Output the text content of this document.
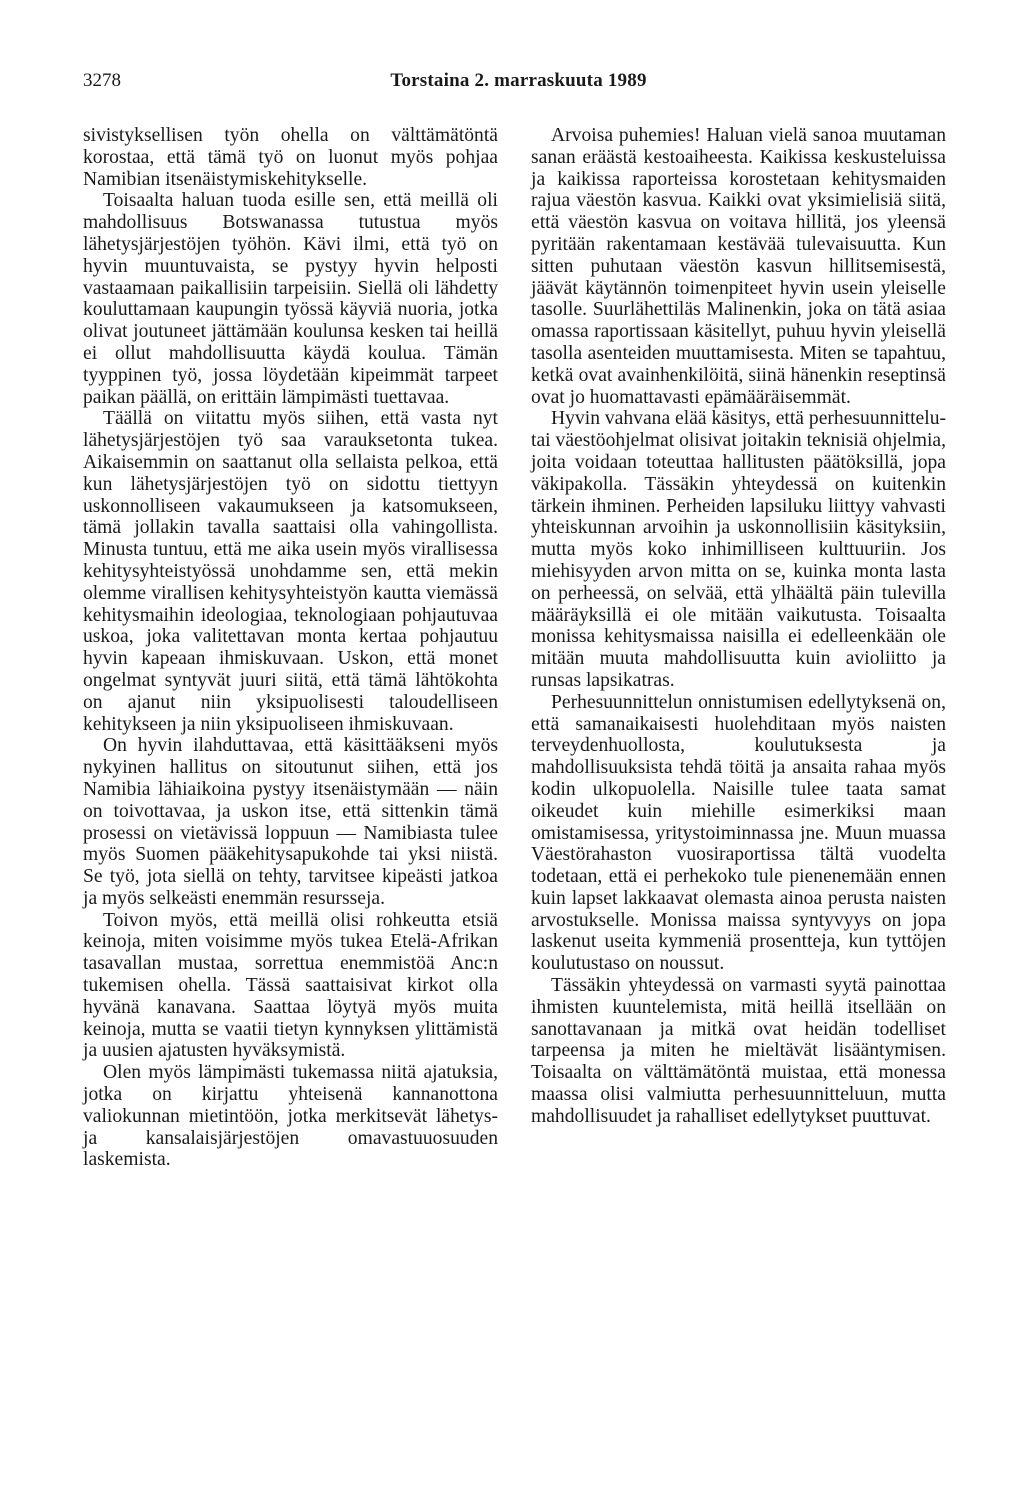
3278	Torstaina 2. marraskuuta 1989

sivistyksellisen työn ohella on välttämätöntä korostaa, että tämä työ on luonut myös pohjaa Namibian itsenäistymiskehitykselle.

Toisaalta haluan tuoda esille sen, että meillä oli mahdollisuus Botswanassa tutustua myös lähetysjärjestöjen työhön. Kävi ilmi, että työ on hyvin muuntuvaista, se pystyy hyvin helposti vastaamaan paikallisiin tarpeisiin. Siellä oli lähdetty kouluttamaan kaupungin työssä käyviä nuoria, jotka olivat joutuneet jättämään koulunsa kesken tai heillä ei ollut mahdollisuutta käydä koulua. Tämän tyyppinen työ, jossa löydetään kipeimmät tarpeet paikan päällä, on erittäin lämpimästi tuettavaa.

Täällä on viitattu myös siihen, että vasta nyt lähetysjärjestöjen työ saa varauksetonta tukea. Aikaisemmin on saattanut olla sellaista pelkoa, että kun lähetysjärjestöjen työ on sidottu tiettyyn uskonnolliseen vakaumukseen ja katsomukseen, tämä jollakin tavalla saattaisi olla vahingollista. Minusta tuntuu, että me aika usein myös virallisessa kehitysyhteistyössä unohdamme sen, että mekin olemme virallisen kehitysyhteistyön kautta viemässä kehitysmaihin ideologiaa, teknologiaan pohjautuvaa uskoa, joka valitettavan monta kertaa pohjautuu hyvin kapeaan ihmiskuvaan. Uskon, että monet ongelmat syntyvät juuri siitä, että tämä lähtökohta on ajanut niin yksipuolisesti taloudelliseen kehitykseen ja niin yksipuoliseen ihmiskuvaan.

On hyvin ilahduttavaa, että käsittääkseni myös nykyinen hallitus on sitoutunut siihen, että jos Namibia lähiaikoina pystyy itsenäistymään — näin on toivottavaa, ja uskon itse, että sittenkin tämä prosessi on vietävissä loppuun — Namibiasta tulee myös Suomen pääkehitysapukohde tai yksi niistä. Se työ, jota siellä on tehty, tarvitsee kipeästi jatkoa ja myös selkeästi enemmän resursseja.

Toivon myös, että meillä olisi rohkeutta etsiä keinoja, miten voisimme myös tukea Etelä-Afrikan tasavallan mustaa, sorrettua enemmistöä Anc:n tukemisen ohella. Tässä saattaisivat kirkot olla hyvänä kanavana. Saattaa löytyä myös muita keinoja, mutta se vaatii tietyn kynnyksen ylittämistä ja uusien ajatusten hyväksymistä.

Olen myös lämpimästi tukemassa niitä ajatuksia, jotka on kirjattu yhteisenä kannanottona valiokunnan mietintöön, jotka merkitsevät lähetys- ja kansalaisjärjestöjen omavastuuosuuden laskemista.

Arvoisa puhemies! Haluan vielä sanoa muutaman sanan eräästä kestoaiheesta. Kaikissa keskusteluissa ja kaikissa raporteissa korostetaan kehitysmaiden rajua väestön kasvua. Kaikki ovat yksimielisiä siitä, että väestön kasvua on voitava hillitä, jos yleensä pyritään rakentamaan kestävää tulevaisuutta. Kun sitten puhutaan väestön kasvun hillitsemisestä, jäävät käytännön toimenpiteet hyvin usein yleiselle tasolle. Suurlähettiläs Malinenkin, joka on tätä asiaa omassa raportissaan käsitellyt, puhuu hyvin yleisellä tasolla asenteiden muuttamisesta. Miten se tapahtuu, ketkä ovat avainhenkilöitä, siinä hänenkin reseptinsä ovat jo huomattavasti epämääräisemmät.

Hyvin vahvana elää käsitys, että perhesuunnittelu- tai väestöohjelmat olisivat joitakin teknisiä ohjelmia, joita voidaan toteuttaa hallitusten päätöksillä, jopa väkipakolla. Tässäkin yhteydessä on kuitenkin tärkein ihminen. Perheiden lapsiluku liittyy vahvasti yhteiskunnan arvoihin ja uskonnollisiin käsityksiin, mutta myös koko inhimilliseen kulttuuriin. Jos miehisyyden arvon mitta on se, kuinka monta lasta on perheessä, on selvää, että ylhäältä päin tulevilla määräyksillä ei ole mitään vaikutusta. Toisaalta monissa kehitysmaissa naisilla ei edelleenkään ole mitään muuta mahdollisuutta kuin avioliitto ja runsas lapsikatras.

Perhesuunnittelun onnistumisen edellytyksenä on, että samanaikaisesti huolehditaan myös naisten terveydenhuollosta, koulutuksesta ja mahdollisuuksista tehdä töitä ja ansaita rahaa myös kodin ulkopuolella. Naisille tulee taata samat oikeudet kuin miehille esimerkiksi maan omistamisessa, yritystoiminnassa jne. Muun muassa Väestörahaston vuosiraportissa tältä vuodelta todetaan, että ei perhekoko tule pienenemään ennen kuin lapset lakkaavat olemasta ainoa perusta naisten arvostukselle. Monissa maissa syntyvyys on jopa laskenut useita kymmeniä prosentteja, kun tyttöjen koulutustaso on noussut.

Tässäkin yhteydessä on varmasti syytä painottaa ihmisten kuuntelemista, mitä heillä itsellään on sanottavanaan ja mitkä ovat heidän todelliset tarpeensa ja miten he mieltävät lisääntymisen. Toisaalta on välttämätöntä muistaa, että monessa maassa olisi valmiutta perhesuunnitteluun, mutta mahdollisuudet ja rahalliset edellytykset puuttuvat.
